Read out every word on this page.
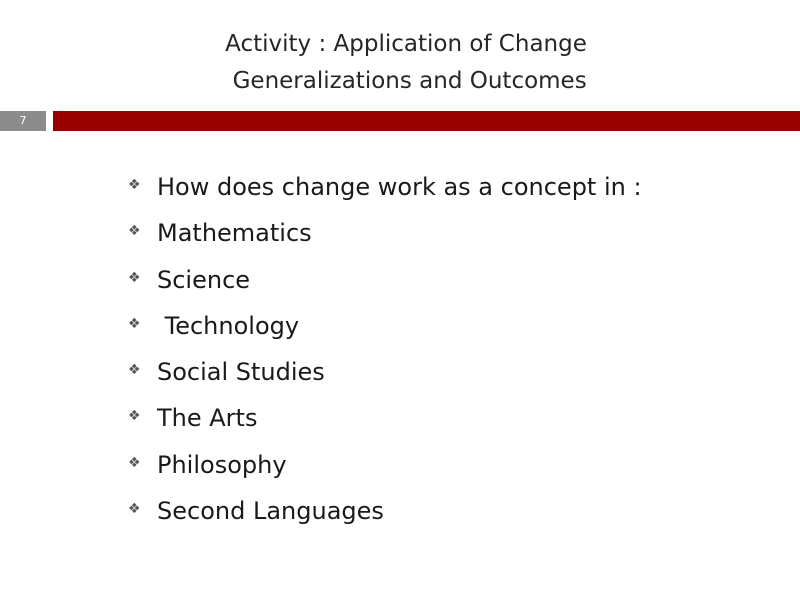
Activity : Application of Change
Generalizations and Outcomes
7
❖ How does change work as a concept in :
❖ Mathematics
❖ Science
❖ Technology
❖ Social Studies
❖ The Arts
❖ Philosophy
❖ Second Languages
